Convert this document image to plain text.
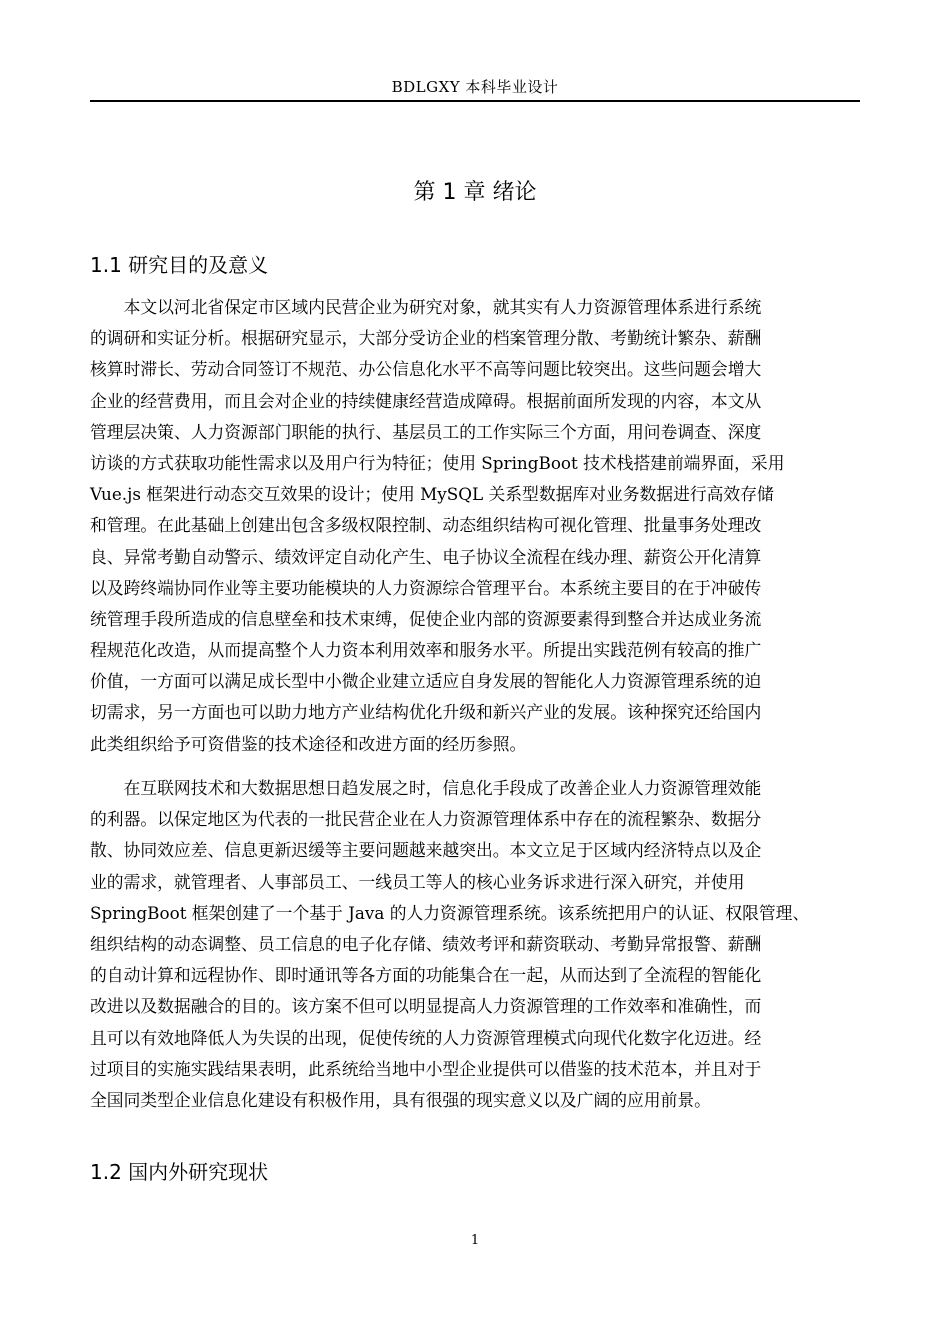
BDLGXY 本科毕业设计
第 1 章 绪论
1.1 研究目的及意义
　　本文以河北省保定市区域内民营企业为研究对象，就其实有人力资源管理体系进行系统
的调研和实证分析。根据研究显示，大部分受访企业的档案管理分散、考勤统计繁杂、薪酬
核算时滞长、劳动合同签订不规范、办公信息化水平不高等问题比较突出。这些问题会增大
企业的经营费用，而且会对企业的持续健康经营造成障碍。根据前面所发现的内容，本文从
管理层决策、人力资源部门职能的执行、基层员工的工作实际三个方面，用问卷调查、深度
访谈的方式获取功能性需求以及用户行为特征；使用 SpringBoot 技术栈搭建前端界面，采用
Vue.js 框架进行动态交互效果的设计；使用 MySQL 关系型数据库对业务数据进行高效存储
和管理。在此基础上创建出包含多级权限控制、动态组织结构可视化管理、批量事务处理改
良、异常考勤自动警示、绩效评定自动化产生、电子协议全流程在线办理、薪资公开化清算
以及跨终端协同作业等主要功能模块的人力资源综合管理平台。本系统主要目的在于冲破传
统管理手段所造成的信息壁垒和技术束缚，促使企业内部的资源要素得到整合并达成业务流
程规范化改造，从而提高整个人力资本利用效率和服务水平。所提出实践范例有较高的推广
价值，一方面可以满足成长型中小微企业建立适应自身发展的智能化人力资源管理系统的迫
切需求，另一方面也可以助力地方产业结构优化升级和新兴产业的发展。该种探究还给国内
此类组织给予可资借鉴的技术途径和改进方面的经历参照。
　　在互联网技术和大数据思想日趋发展之时，信息化手段成了改善企业人力资源管理效能
的利器。以保定地区为代表的一批民营企业在人力资源管理体系中存在的流程繁杂、数据分
散、协同效应差、信息更新迟缓等主要问题越来越突出。本文立足于区域内经济特点以及企
业的需求，就管理者、人事部员工、一线员工等人的核心业务诉求进行深入研究，并使用
SpringBoot 框架创建了一个基于 Java 的人力资源管理系统。该系统把用户的认证、权限管理、
组织结构的动态调整、员工信息的电子化存储、绩效考评和薪资联动、考勤异常报警、薪酬
的自动计算和远程协作、即时通讯等各方面的功能集合在一起，从而达到了全流程的智能化
改进以及数据融合的目的。该方案不但可以明显提高人力资源管理的工作效率和准确性，而
且可以有效地降低人为失误的出现，促使传统的人力资源管理模式向现代化数字化迈进。经
过项目的实施实践结果表明，此系统给当地中小型企业提供可以借鉴的技术范本，并且对于
全国同类型企业信息化建设有积极作用，具有很强的现实意义以及广阔的应用前景。
1.2 国内外研究现状
1
